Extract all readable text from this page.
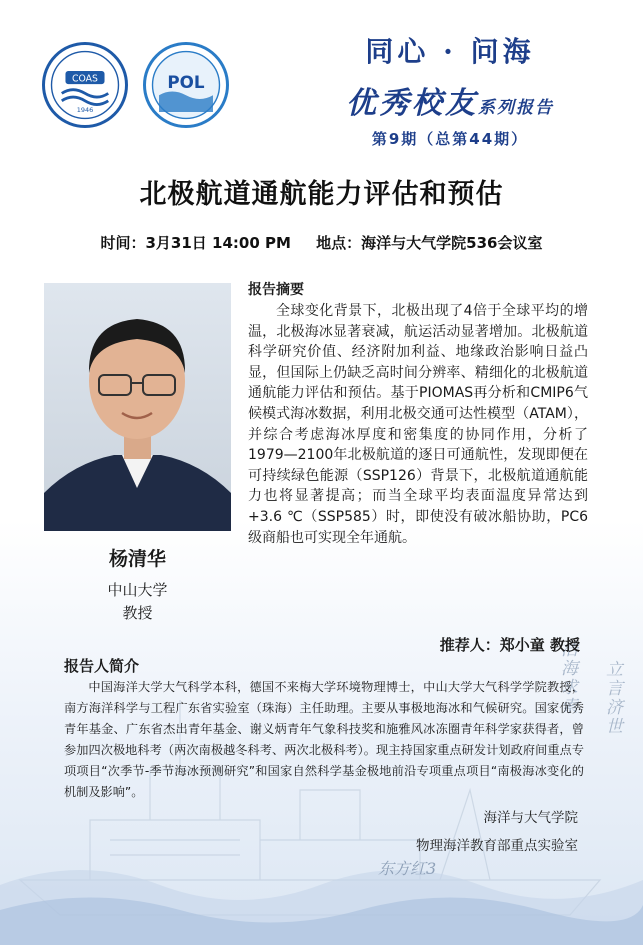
浩海求索 立言济世
东方红3
COAS
1946
POL
同心 · 问海
优秀校友系列报告
第9期（总第44期）
北极航道通航能力评估和预估
时间：3月31日 14:00 PM 地点：海洋与大气学院536会议室
杨清华
中山大学
教授
报告摘要
全球变化背景下，北极出现了4倍于全球平均的增温，北极海冰显著衰减，航运活动显著增加。北极航道科学研究价值、经济附加利益、地缘政治影响日益凸显，但国际上仍缺乏高时间分辨率、精细化的北极航道通航能力评估和预估。基于PIOMAS再分析和CMIP6气候模式海冰数据，利用北极交通可达性模型（ATAM），并综合考虑海冰厚度和密集度的协同作用，分析了1979—2100年北极航道的逐日可通航性，发现即便在可持续绿色能源（SSP126）背景下，北极航道通航能力也将显著提高；而当全球平均表面温度异常达到+3.6 ℃（SSP585）时，即使没有破冰船协助，PC6级商船也可实现全年通航。
推荐人：郑小童 教授
报告人简介
中国海洋大学大气科学本科，德国不来梅大学环境物理博士，中山大学大气科学学院教授，南方海洋科学与工程广东省实验室（珠海）主任助理。主要从事极地海冰和气候研究。国家优秀青年基金、广东省杰出青年基金、谢义炳青年气象科技奖和施雅风冰冻圈青年科学家获得者，曾参加四次极地科考（两次南极越冬科考、两次北极科考）。现主持国家重点研发计划政府间重点专项项目“次季节-季节海冰预测研究”和国家自然科学基金极地前沿专项重点项目“南极海冰变化的机制及影响”。
海洋与大气学院
物理海洋教育部重点实验室
